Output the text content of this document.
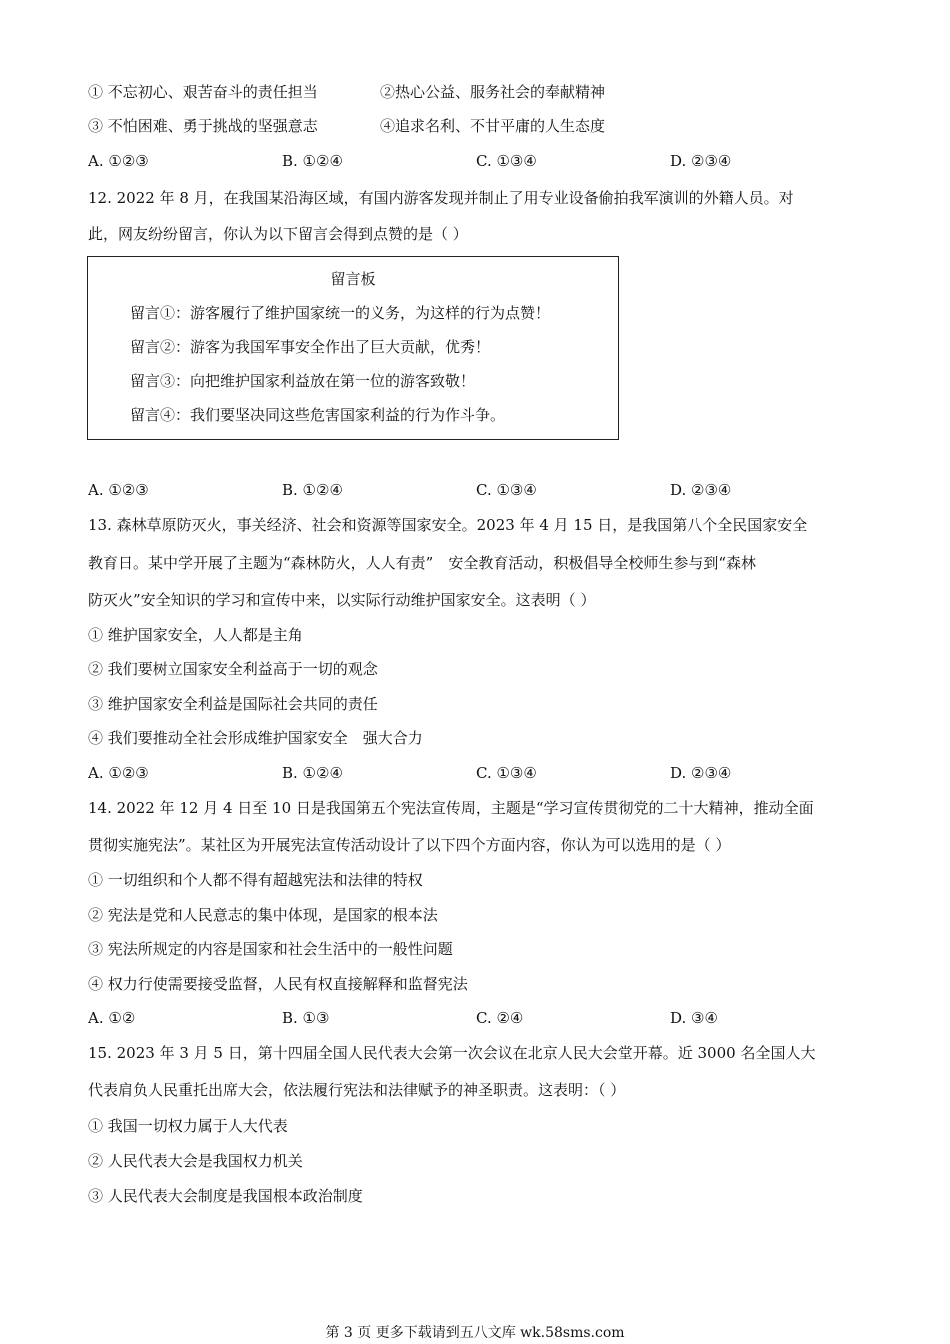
① 不忘初心、艰苦奋斗的责任担当	②热心公益、服务社会的奉献精神
③ 不怕困难、勇于挑战的坚强意志	④追求名利、不甘平庸的人生态度
A. ①②③	B. ①②④	C. ①③④	D. ②③④
12. 2022 年 8 月，在我国某沿海区域，有国内游客发现并制止了用专业设备偷拍我军演训的外籍人员。对
此，网友纷纷留言，你认为以下留言会得到点赞的是（ ）
留言板
留言①：游客履行了维护国家统一的义务，为这样的行为点赞！
留言②：游客为我国军事安全作出了巨大贡献，优秀！
留言③：向把维护国家利益放在第一位的游客致敬！
留言④：我们要坚决同这些危害国家利益的行为作斗争。
A. ①②③	B. ①②④	C. ①③④	D. ②③④
13. 森林草原防灭火，事关经济、社会和资源等国家安全。2023 年 4 月 15 日，是我国第八个全民国家安全
教育日。某中学开展了主题为“森林防火，人人有责”　安全教育活动，积极倡导全校师生参与到“森林
防灭火”安全知识的学习和宣传中来，以实际行动维护国家安全。这表明（ ）
① 维护国家安全，人人都是主角
② 我们要树立国家安全利益高于一切的观念
③ 维护国家安全利益是国际社会共同的责任
④ 我们要推动全社会形成维护国家安全　强大合力
A. ①②③	B. ①②④	C. ①③④	D. ②③④
14. 2022 年 12 月 4 日至 10 日是我国第五个宪法宣传周，主题是“学习宣传贯彻党的二十大精神，推动全面
贯彻实施宪法”。某社区为开展宪法宣传活动设计了以下四个方面内容，你认为可以选用的是（ ）
① 一切组织和个人都不得有超越宪法和法律的特权
② 宪法是党和人民意志的集中体现，是国家的根本法
③ 宪法所规定的内容是国家和社会生活中的一般性问题
④ 权力行使需要接受监督，人民有权直接解释和监督宪法
A. ①②	B. ①③	C. ②④	D. ③④
15. 2023 年 3 月 5 日，第十四届全国人民代表大会第一次会议在北京人民大会堂开幕。近 3000 名全国人大
代表肩负人民重托出席大会，依法履行宪法和法律赋予的神圣职责。这表明：（ ）
① 我国一切权力属于人大代表
② 人民代表大会是我国权力机关
③ 人民代表大会制度是我国根本政治制度
第 3 页 更多下载请到五八文库 wk.58sms.com
